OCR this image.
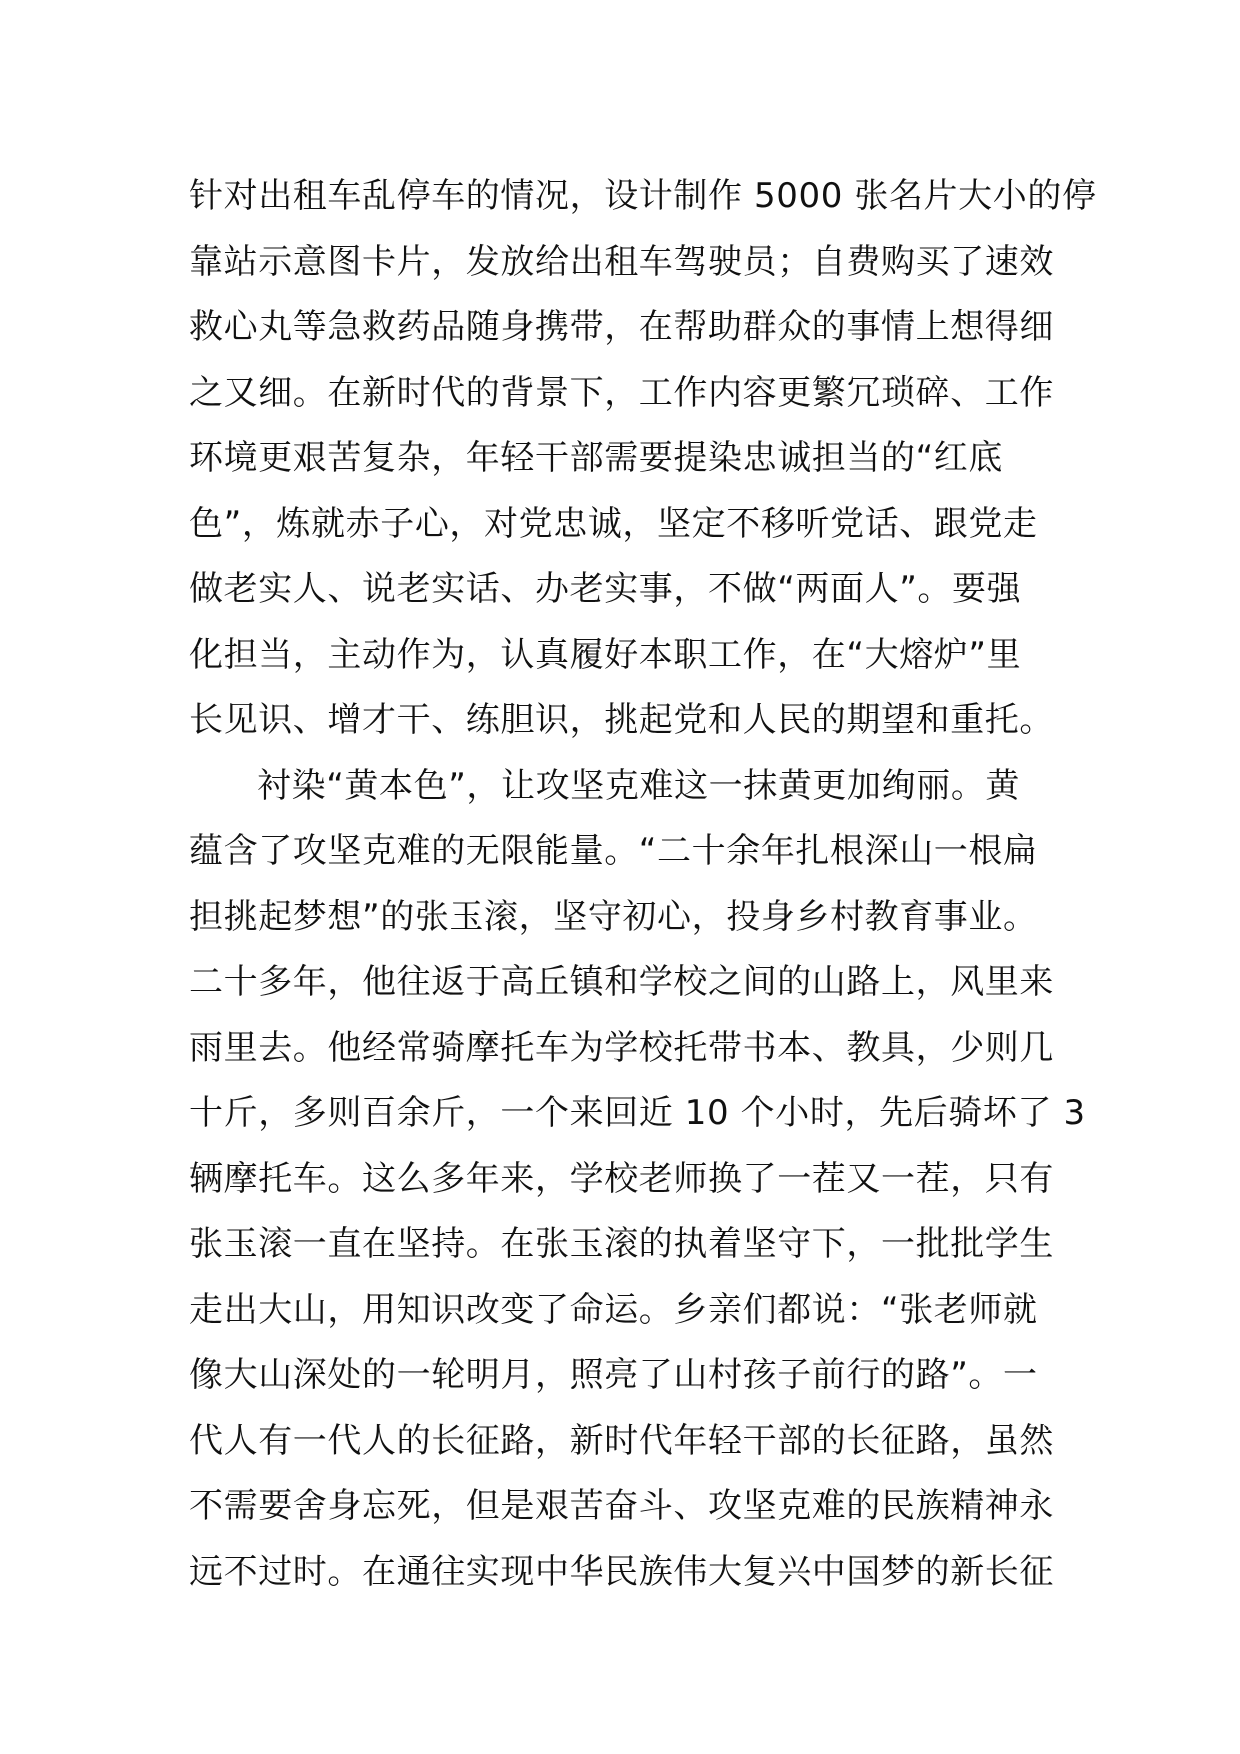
针对出租车乱停车的情况，设计制作 5000 张名片大小的停
靠站示意图卡片，发放给出租车驾驶员；自费购买了速效
救心丸等急救药品随身携带，在帮助群众的事情上想得细
之又细。在新时代的背景下，工作内容更繁冗琐碎、工作
环境更艰苦复杂，年轻干部需要提染忠诚担当的“红底
色”，炼就赤子心，对党忠诚，坚定不移听党话、跟党走
做老实人、说老实话、办老实事，不做“两面人”。要强
化担当，主动作为，认真履好本职工作，在“大熔炉”里
长见识、增才干、练胆识，挑起党和人民的期望和重托。
衬染“黄本色”，让攻坚克难这一抹黄更加绚丽。黄
蕴含了攻坚克难的无限能量。“二十余年扎根深山一根扁
担挑起梦想”的张玉滚，坚守初心，投身乡村教育事业。
二十多年，他往返于高丘镇和学校之间的山路上，风里来
雨里去。他经常骑摩托车为学校托带书本、教具，少则几
十斤，多则百余斤，一个来回近 10 个小时，先后骑坏了 3
辆摩托车。这么多年来，学校老师换了一茬又一茬，只有
张玉滚一直在坚持。在张玉滚的执着坚守下，一批批学生
走出大山，用知识改变了命运。乡亲们都说：“张老师就
像大山深处的一轮明月，照亮了山村孩子前行的路”。一
代人有一代人的长征路，新时代年轻干部的长征路，虽然
不需要舍身忘死，但是艰苦奋斗、攻坚克难的民族精神永
远不过时。在通往实现中华民族伟大复兴中国梦的新长征
